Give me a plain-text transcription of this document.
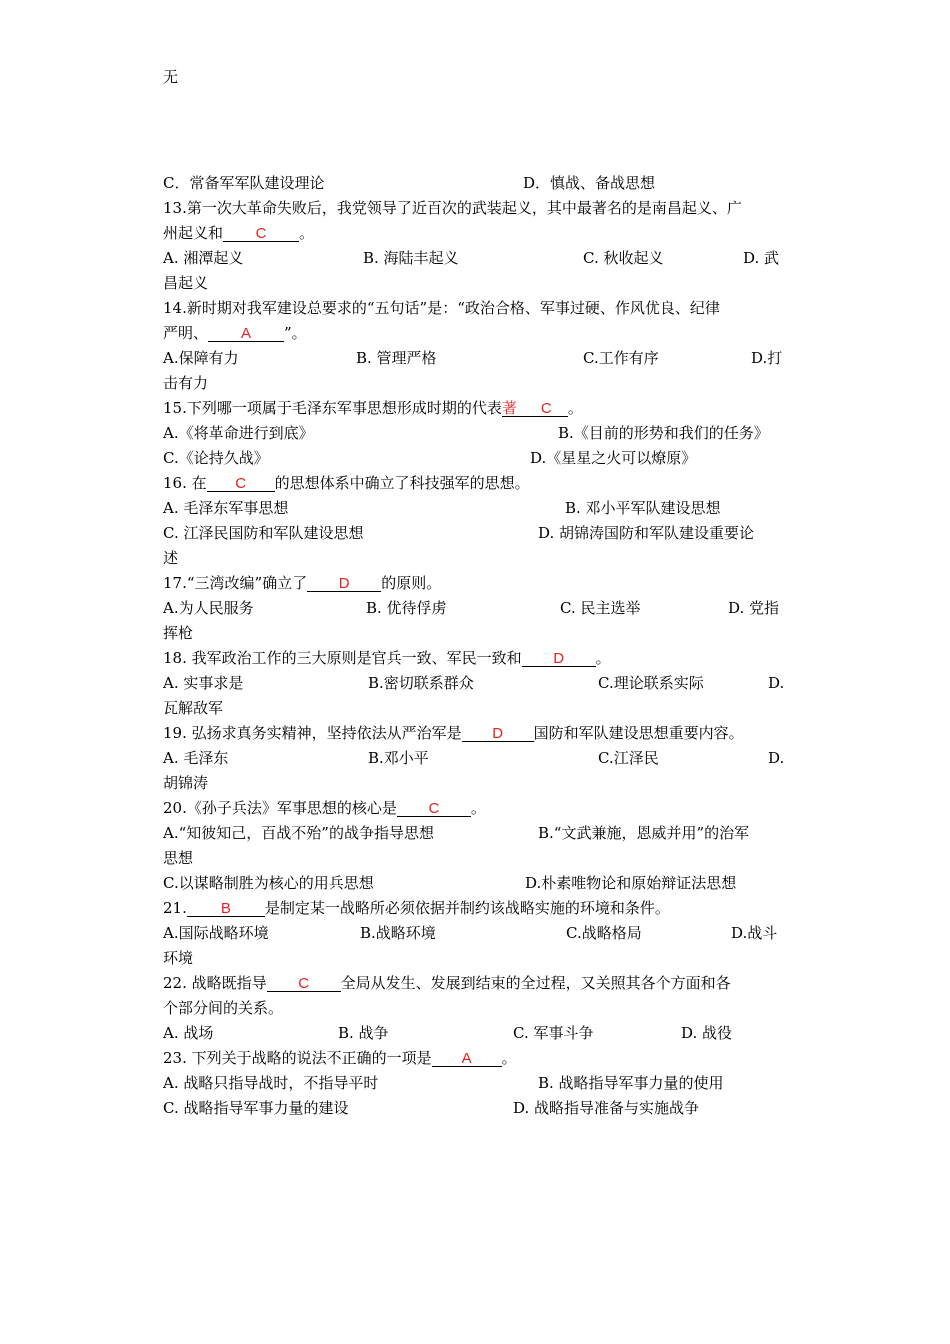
无
C．常备军军队建设理论	D．慎战、备战思想
13.第一次大革命失败后，我党领导了近百次的武装起义，其中最著名的是南昌起义、广
州起义和 C 。
A. 湘潭起义	B. 海陆丰起义	C. 秋收起义	D. 武
昌起义
14.新时期对我军建设总要求的“五句话”是：“政治合格、军事过硬、作风优良、纪律
严明、 A ”。
A.保障有力	B. 管理严格	C.工作有序	D.打
击有力
15.下列哪一项属于毛泽东军事思想形成时期的代表著 C 。
A.《将革命进行到底》	B.《目前的形势和我们的任务》
C.《论持久战》	D.《星星之火可以燎原》
16. 在 C 的思想体系中确立了科技强军的思想。
A. 毛泽东军事思想	B. 邓小平军队建设思想
C. 江泽民国防和军队建设思想	D. 胡锦涛国防和军队建设重要论
述
17.“三湾改编”确立了 D 的原则。
A.为人民服务	B. 优待俘虏	C. 民主选举	D. 党指
挥枪
18. 我军政治工作的三大原则是官兵一致、军民一致和 D 。
A. 实事求是	B.密切联系群众	C.理论联系实际	D.
瓦解敌军
19. 弘扬求真务实精神，坚持依法从严治军是 D 国防和军队建设思想重要内容。
A. 毛泽东	B.邓小平	C.江泽民	D.
胡锦涛
20.《孙子兵法》军事思想的核心是 C 。
A.“知彼知己，百战不殆”的战争指导思想	B.“文武兼施，恩威并用”的治军
思想
C.以谋略制胜为核心的用兵思想	D.朴素唯物论和原始辩证法思想
21. B 是制定某一战略所必须依据并制约该战略实施的环境和条件。
A.国际战略环境	B.战略环境	C.战略格局	D.战斗
环境
22. 战略既指导 C 全局从发生、发展到结束的全过程，又关照其各个方面和各
个部分间的关系。
A. 战场	B. 战争	C. 军事斗争	D. 战役
23. 下列关于战略的说法不正确的一项是 A 。
A. 战略只指导战时，不指导平时	B. 战略指导军事力量的使用
C. 战略指导军事力量的建设	D. 战略指导准备与实施战争
